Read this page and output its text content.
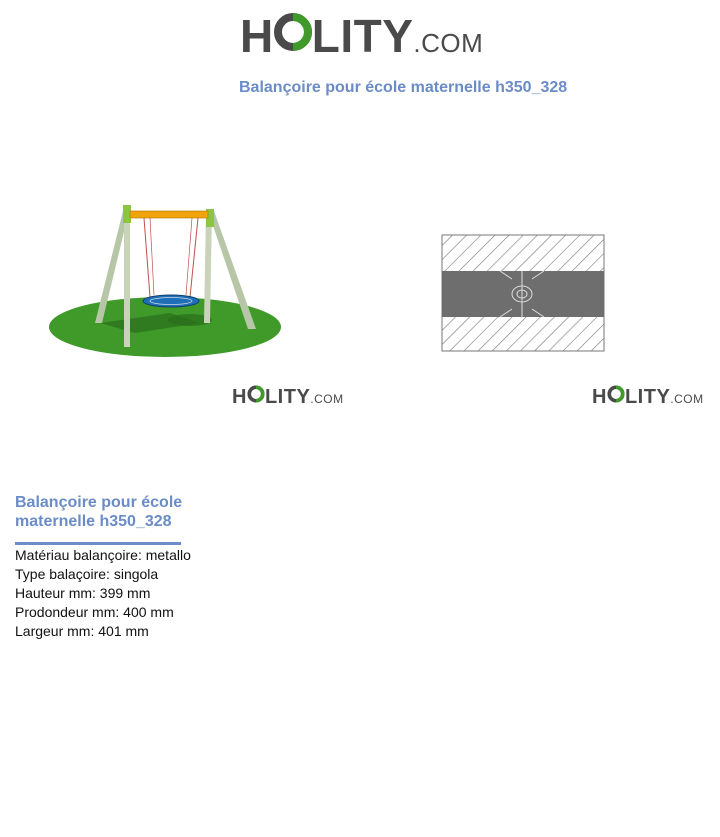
H LITY .COM
Balançoire pour école maternelle h350_328
H LITY .COM	H LITY .COM
Balançoire pour école maternelle h350_328
Matériau balançoire: metallo
Type balaçoire: singola
Hauteur mm: 399 mm
Prodondeur mm: 400 mm
Largeur mm: 401 mm
